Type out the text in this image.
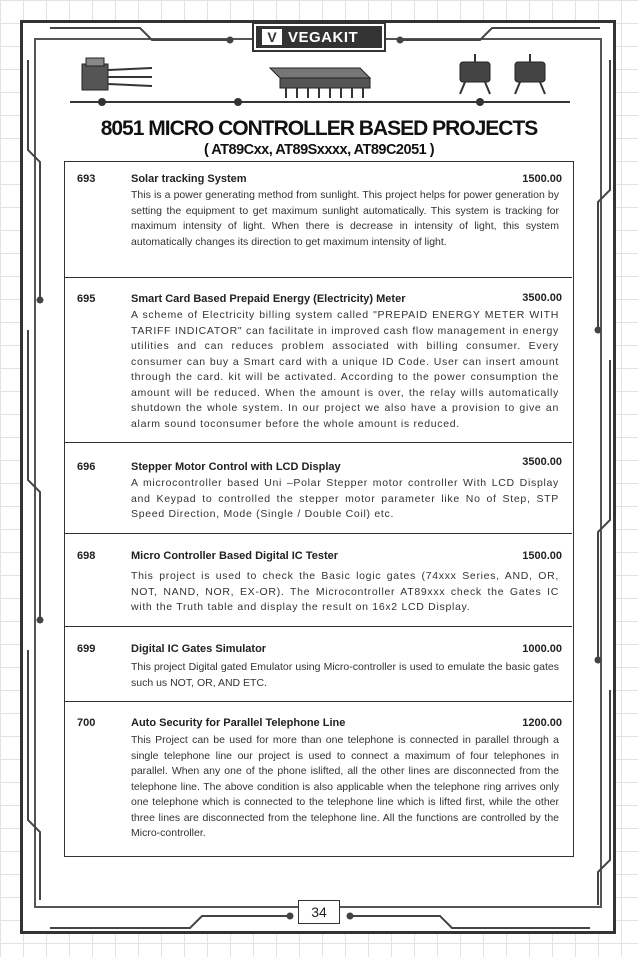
V VEGAKIT
8051 MICRO CONTROLLER BASED PROJECTS
( AT89Cxx, AT89Sxxxx, AT89C2051 )
693	Solar tracking System	1500.00
This is a power generating method from sunlight. This project helps for power generation by setting the equipment to get maximum sunlight automatically. This system is tracking for maximum intensity of light. When there is decrease in intensity of light, this system automatically changes its direction to get maximum intensity of light.
695	Smart Card Based Prepaid Energy (Electricity) Meter	3500.00
A scheme of Electricity billing system called "PREPAID ENERGY METER WITH TARIFF INDICATOR" can facilitate in improved cash flow management in energy utilities and can reduces problem associated with billing consumer. Every consumer can buy a Smart card with a unique ID Code. User can insert amount through the card. kit will be activated. According to the power consumption the amount will be reduced. When the amount is over, the relay wills automatically shutdown the whole system. In our project we also have a provision to give an alarm sound toconsumer before the whole amount is reduced.
696	Stepper Motor Control with LCD Display	3500.00
A microcontroller based Uni –Polar Stepper motor controller With LCD Display and Keypad to controlled the stepper motor parameter like No of Step, STP Speed Direction, Mode (Single / Double Coil) etc.
698	Micro Controller Based Digital IC Tester	1500.00
This project is used to check the Basic logic gates (74xxx Series, AND, OR, NOT, NAND, NOR, EX-OR). The Microcontroller AT89xxx check the Gates IC with the Truth table and display the result on 16x2 LCD Display.
699	Digital IC Gates Simulator	1000.00
This project Digital gated Emulator using Micro-controller is used to emulate the basic gates such us NOT, OR, AND ETC.
700	Auto Security for Parallel Telephone Line	1200.00
This Project can be used for more than one telephone is connected in parallel through a single telephone line our project is used to connect a maximum of four telephones in parallel. When any one of the phone islifted, all the other lines are disconnected from the telephone line. The above condition is also applicable when the telephone ring arrives only one telephone which is connected to the telephone line which is lifted first, while the other three lines are disconnected from the telephone line. All the functions are controlled by the Micro-controller.
34
